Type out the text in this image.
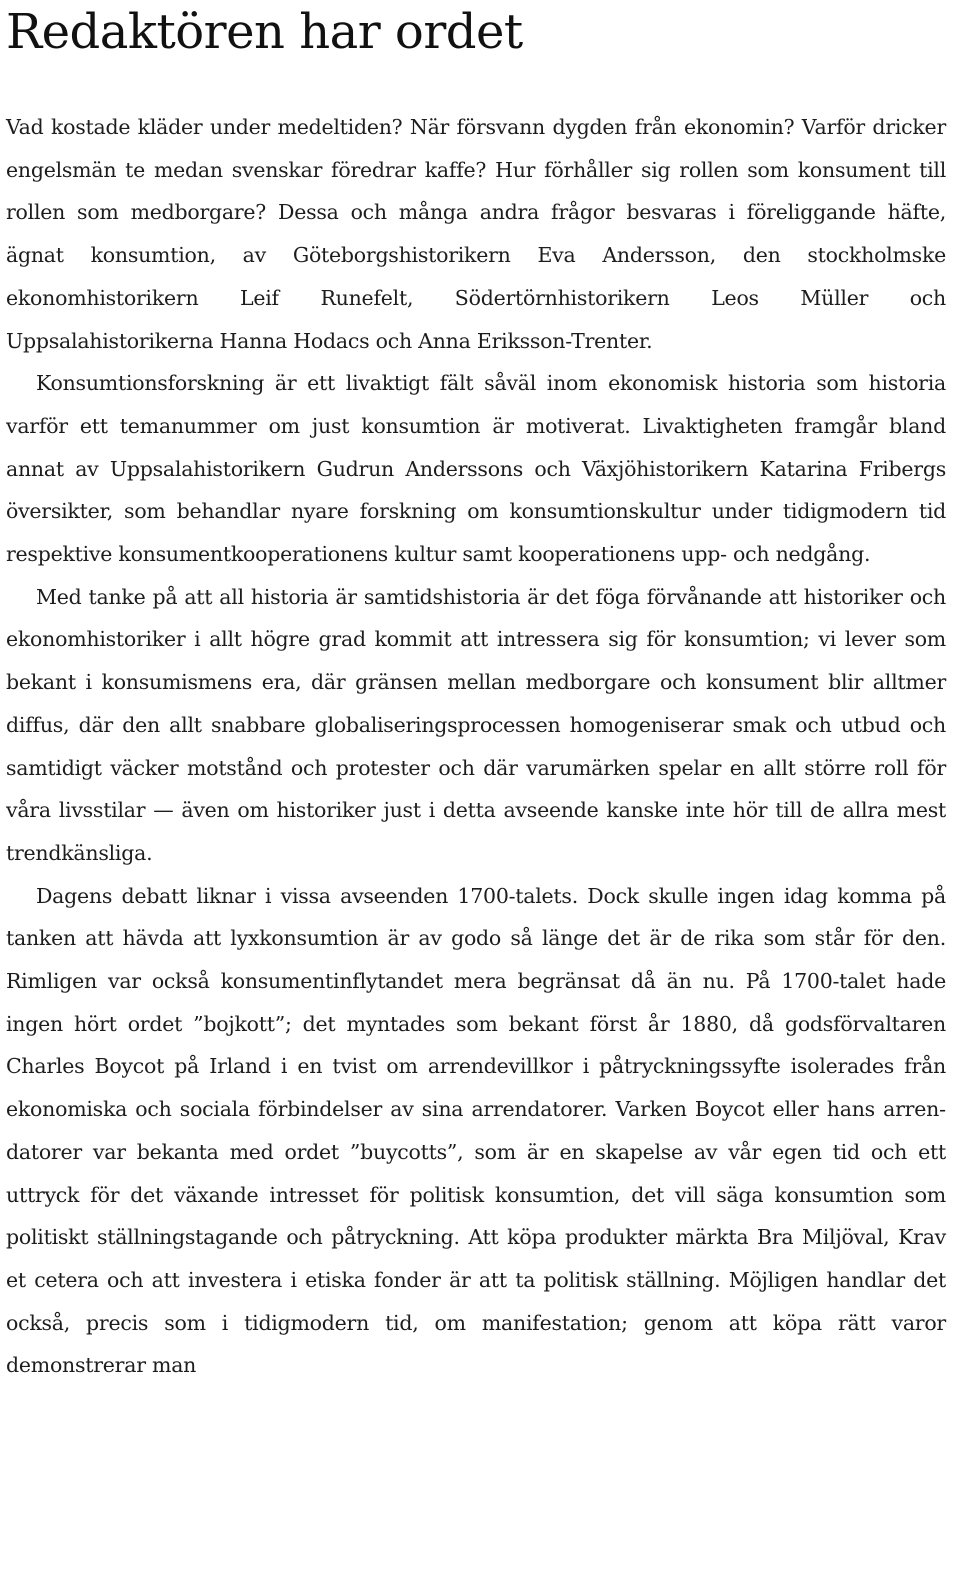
Redaktören har ordet

Vad kostade kläder under medeltiden? När försvann dygden från ekonomin? Varför dricker engelsmän te medan svenskar föredrar kaffe? Hur förhåller sig rollen som konsument till rollen som medborgare? Dessa och många andra frågor besvaras i föreliggande häfte, ägnat konsumtion, av Göteborgshistorikern Eva Andersson, den stockholmske ekonomhistorikern Leif Runefelt, Södertörnhistorikern Leos Müller och Uppsalahistorikerna Hanna Hodacs och Anna Eriksson-Trenter.

Konsumtionsforskning är ett livaktigt fält såväl inom ekonomisk historia som historia varför ett temanummer om just konsumtion är motiverat. Livaktigheten framgår bland annat av Uppsalahistorikern Gudrun Anderssons och Växjöhistorikern Katarina Fribergs översikter, som behandlar nyare forskning om konsumtionskultur under tidigmodern tid respektive konsumentkooperationens kultur samt kooperationens upp- och nedgång.

Med tanke på att all historia är samtidshistoria är det föga förvånande att historiker och ekonomhistoriker i allt högre grad kommit att intressera sig för konsumtion; vi lever som bekant i konsumismens era, där gränsen mellan medborgare och konsument blir alltmer diffus, där den allt snabbare globaliseringsprocessen homogeniserar smak och utbud och samtidigt väcker motstånd och protester och där varumärken spelar en allt större roll för våra livsstilar — även om historiker just i detta avseende kanske inte hör till de allra mest trendkänsliga.

Dagens debatt liknar i vissa avseenden 1700-talets. Dock skulle ingen idag komma på tanken att hävda att lyxkonsumtion är av godo så länge det är de rika som står för den. Rimligen var också konsumentinflytandet mera begränsat då än nu. På 1700-talet hade ingen hört ordet ”bojkott”; det myntades som bekant först år 1880, då godsförvaltaren Charles Boycot på Irland i en tvist om arrendevillkor i påtryckningssyfte isolerades från ekonomiska och sociala förbindelser av sina arrendatorer. Varken Boycot eller hans arrendatorer var bekanta med ordet ”buycotts”, som är en skapelse av vår egen tid och ett uttryck för det växande intresset för politisk konsumtion, det vill säga konsumtion som politiskt ställningstagande och påtryckning. Att köpa produkter märkta Bra Miljöval, Krav et cetera och att investera i etiska fonder är att ta politisk ställning. Möjligen handlar det också, precis som i tidigmodern tid, om manifestation; genom att köpa rätt varor demonstrerar man
